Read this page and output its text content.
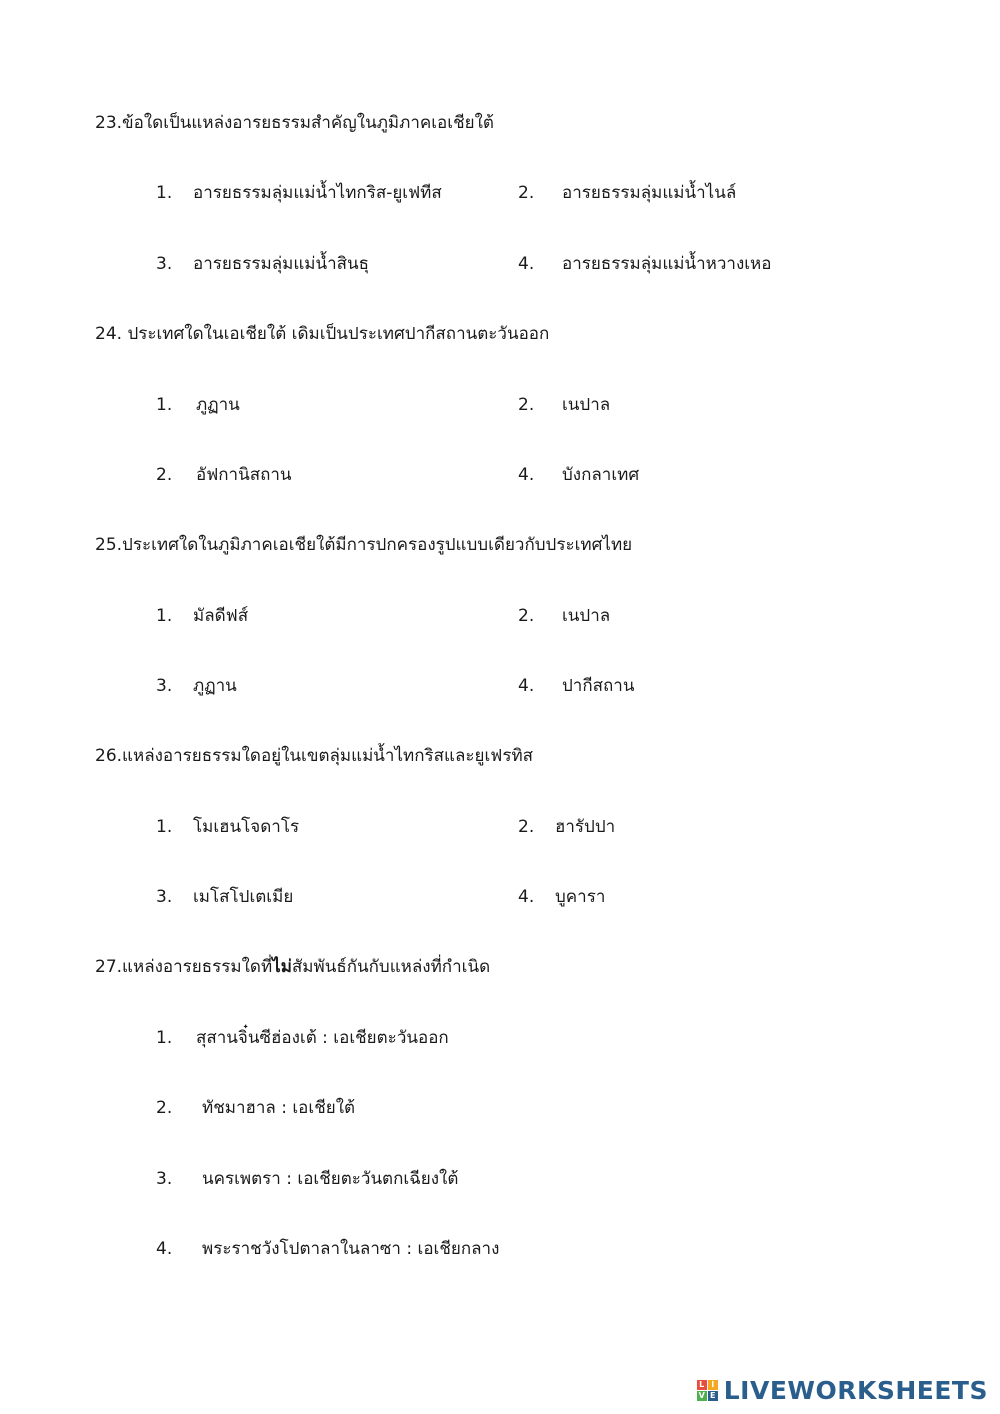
23.ข้อใดเป็นแหล่งอารยธรรมสำคัญในภูมิภาคเอเชียใต้
1. อารยธรรมลุ่มแม่น้ำไทกริส-ยูเฟทีส	2. อารยธรรมลุ่มแม่น้ำไนล์
3. อารยธรรมลุ่มแม่น้ำสินธุ	4. อารยธรรมลุ่มแม่น้ำหวางเหอ
24. ประเทศใดในเอเชียใต้ เดิมเป็นประเทศปากีสถานตะวันออก
1. ภูฏาน	2. เนปาล
2. อัฟกานิสถาน	4. บังกลาเทศ
25.ประเทศใดในภูมิภาคเอเชียใต้มีการปกครองรูปแบบเดียวกับประเทศไทย
1. มัลดีฟส์	2. เนปาล
3. ภูฏาน	4. ปากีสถาน
26.แหล่งอารยธรรมใดอยู่ในเขตลุ่มแม่น้ำไทกริสและยูเฟรทิส
1. โมเฮนโจดาโร	2. ฮารัปปา
3. เมโสโปเตเมีย	4. บูคารา
27.แหล่งอารยธรรมใดที่ไม่สัมพันธ์กันกับแหล่งที่กำเนิด
1. สุสานจิ๋นซีฮ่องเต้ : เอเชียตะวันออก
2. ทัชมาฮาล : เอเชียใต้
3. นครเพตรา : เอเชียตะวันตกเฉียงใต้
4. พระราชวังโปตาลาในลาซา : เอเชียกลาง
L I
V E LIVEWORKSHEETS
